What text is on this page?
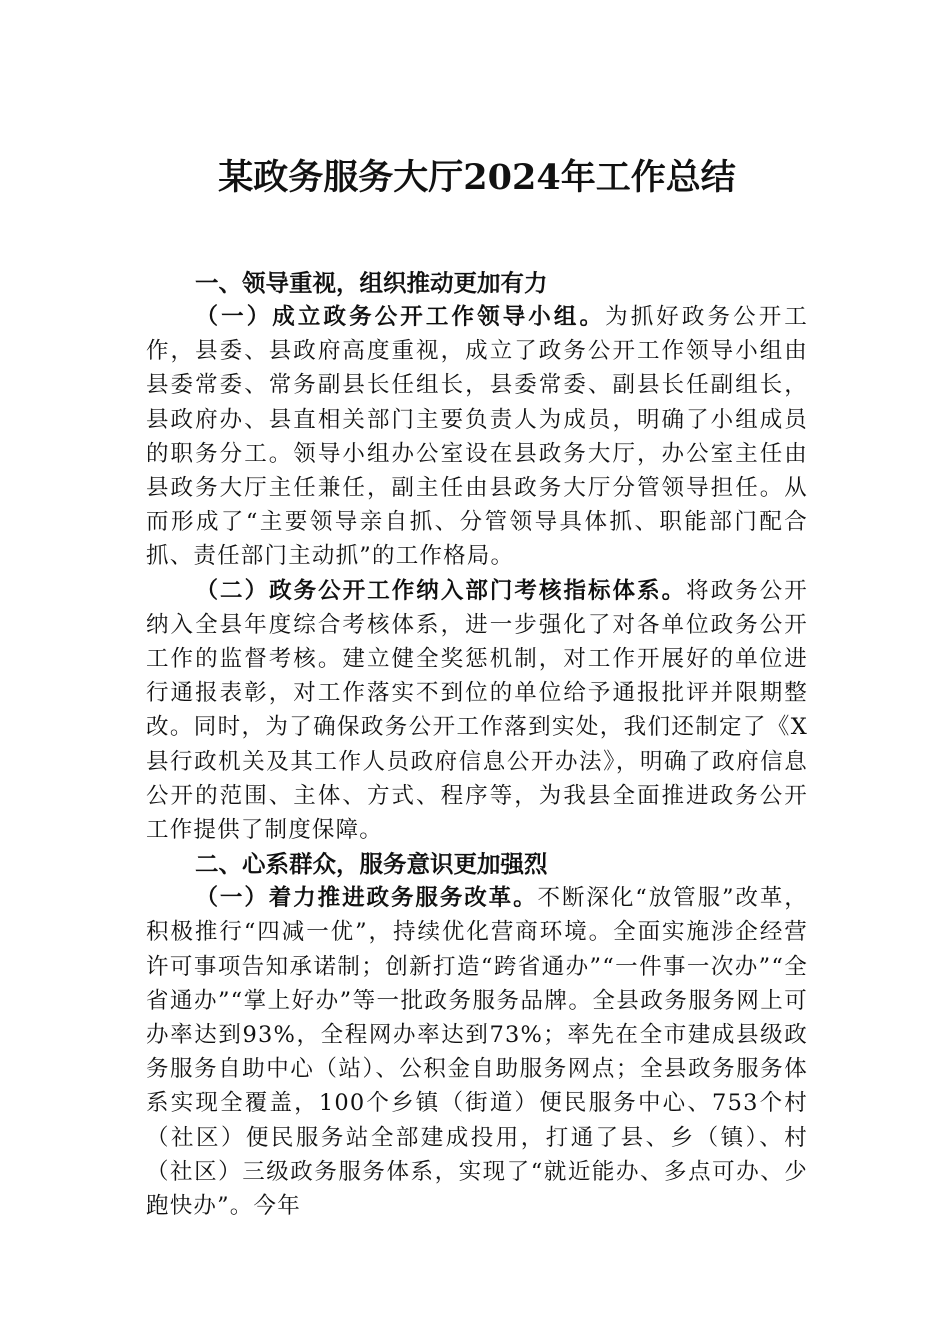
某政务服务大厅2024年工作总结
一、领导重视，组织推动更加有力

（一）成立政务公开工作领导小组。为抓好政务公开工作，县委、县政府高度重视，成立了政务公开工作领导小组由县委常委、常务副县长任组长，县委常委、副县长任副组长，县政府办、县直相关部门主要负责人为成员，明确了小组成员的职务分工。领导小组办公室设在县政务大厅，办公室主任由县政务大厅主任兼任，副主任由县政务大厅分管领导担任。从而形成了“主要领导亲自抓、分管领导具体抓、职能部门配合抓、责任部门主动抓”的工作格局。

（二）政务公开工作纳入部门考核指标体系。将政务公开纳入全县年度综合考核体系，进一步强化了对各单位政务公开工作的监督考核。建立健全奖惩机制，对工作开展好的单位进行通报表彰，对工作落实不到位的单位给予通报批评并限期整改。同时，为了确保政务公开工作落到实处，我们还制定了《X县行政机关及其工作人员政府信息公开办法》，明确了政府信息公开的范围、主体、方式、程序等，为我县全面推进政务公开工作提供了制度保障。

二、心系群众，服务意识更加强烈

（一）着力推进政务服务改革。不断深化“放管服”改革，积极推行“四减一优”，持续优化营商环境。全面实施涉企经营许可事项告知承诺制；创新打造“跨省通办”“一件事一次办”“全省通办”“掌上好办”等一批政务服务品牌。全县政务服务网上可办率达到93%，全程网办率达到73%；率先在全市建成县级政务服务自助中心（站）、公积金自助服务网点；全县政务服务体系实现全覆盖，100个乡镇（街道）便民服务中心、753个村（社区）便民服务站全部建成投用，打通了县、乡（镇）、村（社区）三级政务服务体系，实现了“就近能办、多点可办、少跑快办”。今年
